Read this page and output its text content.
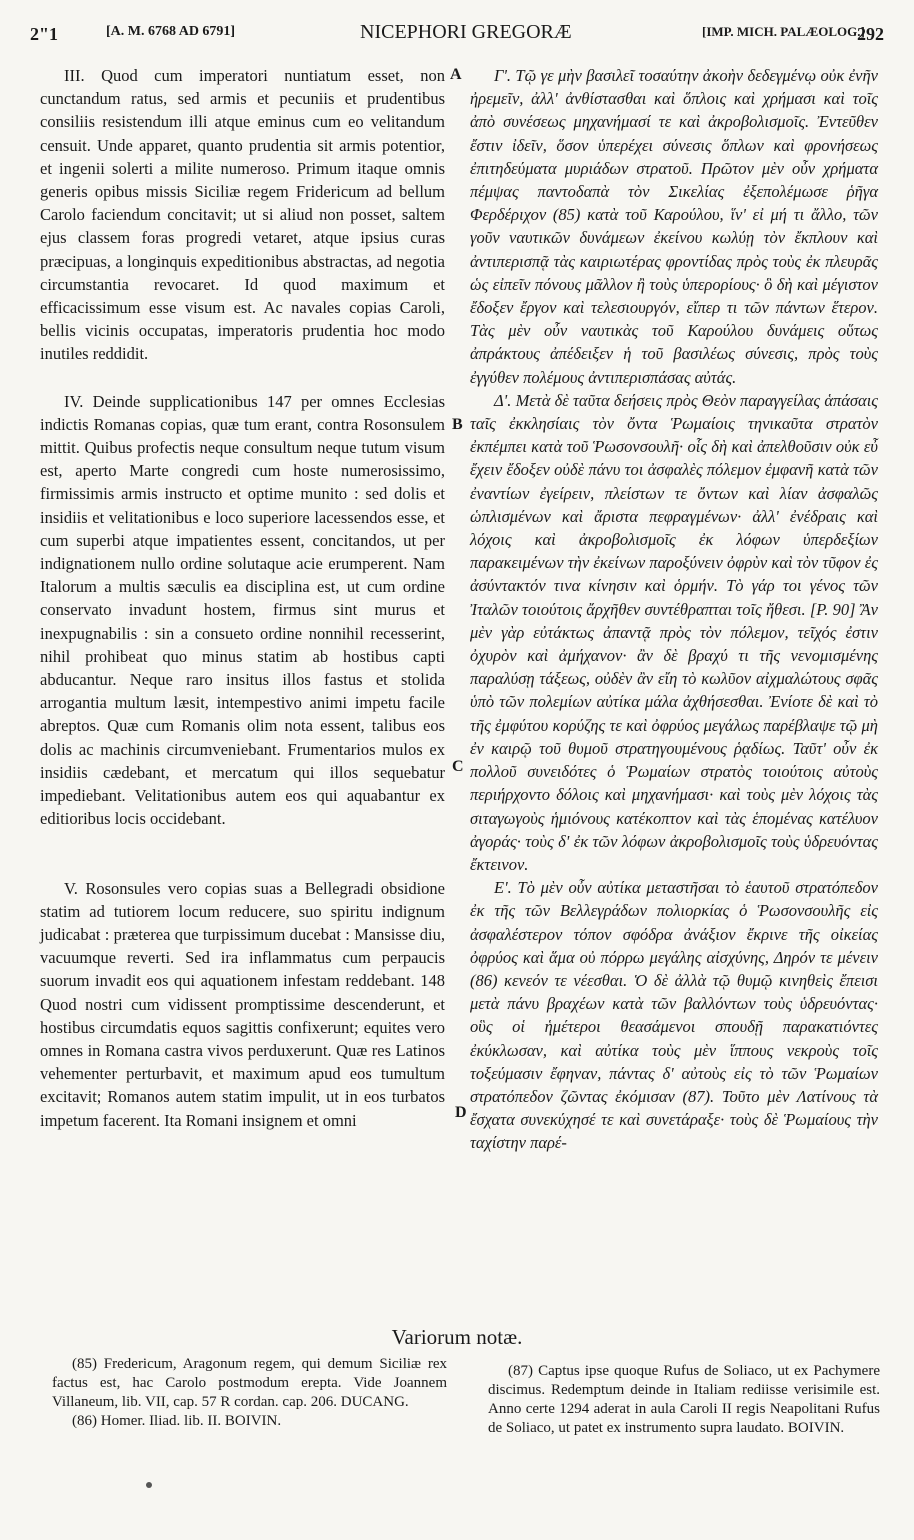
2"1	[A. M. 6768 AD 6791]	NICEPHORI GREGORÆ	[IMP. MICH. PALÆOLOG.]
292

III. Quod cum imperatori nuntiatum esset, non cunctandum ratus, sed armis et pecuniis et prudentibus consiliis resistendum illi atque eminus cum eo velitandum censuit. Unde apparet, quanto prudentia sit armis potentior, et ingenii solerti a milite numeroso. Primum itaque omnis generis opibus missis Siciliæ regem Fridericum ad bellum Carolo faciendum concitavit; ut si aliud non posset, saltem ejus classem foras progredi vetaret, atque ipsius curas præcipuas, a longinquis expeditionibus abstractas, ad negotia circumstantia revocaret. Id quod maximum et efficacissimum esse visum est. Ac navales copias Caroli, bellis vicinis occupatas, imperatoris prudentia hoc modo inutiles reddidit.

IV. Deinde supplicationibus 147 per omnes Ecclesias indictis Romanas copias, quæ tum erant, contra Rosonsulem mittit. Quibus profectis neque consultum neque tutum visum est, aperto Marte congredi cum hoste numerosissimo, firmissimis armis instructo et optime munito : sed dolis et insidiis et velitationibus e loco superiore lacessendos esse, et cum superbi atque impatientes essent, concitandos, ut per indignationem nullo ordine solutaque acie erumperent. Nam Italorum a multis sæculis ea disciplina est, ut cum ordine conservato invadunt hostem, firmus sint murus et inexpugnabilis : sin a consueto ordine nonnihil recesserint, nihil prohibeat quo minus statim ab hostibus capti abducantur. Neque raro insitus illos fastus et stolida arrogantia multum læsit, intempestivo animi impetu facile abreptos. Quæ cum Romanis olim nota essent, talibus eos dolis ac machinis circumveniebant. Frumentarios mulos ex insidiis cædebant, et mercatum qui illos sequebatur impediebant. Velitationibus autem eos qui aquabantur ex editioribus locis occidebant.

V. Rosonsules vero copias suas a Bellegradi obsidione statim ad tutiorem locum reducere, suo spiritu indignum judicabat : præterea que turpissimum ducebat : Mansisse diu, vacuumque reverti. Sed ira inflammatus cum perpaucis suorum invadit eos qui aquationem infestam reddebant. 148 Quod nostri cum vidissent promptissime descenderunt, et hostibus circumdatis equos sagittis confixerunt; equites vero omnes in Romana castra vivos perduxerunt. Quæ res Latinos vehementer perturbavit, et maximum apud eos tumultum excitavit; Romanos autem statim impulit, ut in eos turbatos impetum facerent. Ita Romani insignem et omni

A
B
C
D

Γ'. Τῷ γε μὴν βασιλεῖ τοσαύτην ἀκοὴν δεδεγμένῳ οὐκ ἐνῆν ἠρεμεῖν, ἀλλ' ἀνθίστασθαι καὶ ὅπλοις καὶ χρήμασι καὶ τοῖς ἀπὸ συνέσεως μηχανήμασί τε καὶ ἀκροβολισμοῖς. Ἐντεῦθεν ἔστιν ἰδεῖν, ὅσον ὑπερέχει σύνεσις ὅπλων καὶ φρονήσεως ἐπιτηδεύματα μυριάδων στρατοῦ. Πρῶτον μὲν οὖν χρήματα πέμψας παντοδαπὰ τὸν Σικελίας ἐξεπολέμωσε ῥῆγα Φερδέριχον (85) κατὰ τοῦ Καρούλου, ἵν' εἰ μή τι ἄλλο, τῶν γοῦν ναυτικῶν δυνάμεων ἐκείνου κωλύῃ τὸν ἔκπλουν καὶ ἀντιπερισπᾷ τὰς καιριωτέρας φροντίδας πρὸς τοὺς ἐκ πλευρᾶς ὡς εἰπεῖν πόνους μᾶλλον ἢ τοὺς ὑπερορίους· ὃ δὴ καὶ μέγιστον ἔδοξεν ἔργον καὶ τελεσιουργόν, εἴπερ τι τῶν πάντων ἕτερον. Τὰς μὲν οὖν ναυτικὰς τοῦ Καρούλου δυνάμεις οὕτως ἀπράκτους ἀπέδειξεν ἡ τοῦ βασιλέως σύνεσις, πρὸς τοὺς ἐγγύθεν πολέμους ἀντιπερισπάσας αὐτάς.

Δ'. Μετὰ δὲ ταῦτα δεήσεις πρὸς Θεὸν παραγγείλας ἁπάσαις ταῖς ἐκκλησίαις τὸν ὄντα Ῥωμαίοις τηνικαῦτα στρατὸν ἐκπέμπει κατὰ τοῦ Ῥωσονσουλῆ· οἷς δὴ καὶ ἀπελθοῦσιν οὐκ εὖ ἔχειν ἔδοξεν οὐδὲ πάνυ τοι ἀσφαλὲς πόλεμον ἐμφανῆ κατὰ τῶν ἐναντίων ἐγείρειν, πλείστων τε ὄντων καὶ λίαν ἀσφαλῶς ὡπλισμένων καὶ ἄριστα πεφραγμένων· ἀλλ' ἐνέδραις καὶ λόχοις καὶ ἀκροβολισμοῖς ἐκ λόφων ὑπερδεξίων παρακειμένων τὴν ἐκείνων παροξύνειν ὀφρὺν καὶ τὸν τῦφον ἐς ἀσύντακτόν τινα κίνησιν καὶ ὁρμήν. Τὸ γάρ τοι γένος τῶν Ἰταλῶν τοιούτοις ἄρχῆθεν συντέθραπται τοῖς ἤθεσι. [P. 90] Ἂν μὲν γὰρ εὐτάκτως ἀπαντᾷ πρὸς τὸν πόλεμον, τεῖχός ἐστιν ὀχυρὸν καὶ ἀμήχανον· ἂν δὲ βραχύ τι τῆς νενομισμένης παραλύσῃ τάξεως, οὐδὲν ἂν εἴη τὸ κωλῦον αἰχμαλώτους σφᾶς ὑπὸ τῶν πολεμίων αὐτίκα μάλα ἀχθήσεσθαι. Ἐνίοτε δὲ καὶ τὸ τῆς ἐμφύτου κορύζης τε καὶ ὀφρύος μεγάλως παρέβλαψε τῷ μὴ ἐν καιρῷ τοῦ θυμοῦ στρατηγουμένους ῥᾳδίως. Ταῦτ' οὖν ἐκ πολλοῦ συνειδότες ὁ Ῥωμαίων στρατὸς τοιούτοις αὐτοὺς περιήρχοντο δόλοις καὶ μηχανήμασι· καὶ τοὺς μὲν λόχοις τὰς σιταγωγοὺς ἡμιόνους κατέκοπτον καὶ τὰς ἑπομένας κατέλυον ἀγοράς· τοὺς δ' ἐκ τῶν λόφων ἀκροβολισμοῖς τοὺς ὑδρευόντας ἔκτεινον.

Ε'. Τὸ μὲν οὖν αὐτίκα μεταστῆσαι τὸ ἑαυτοῦ στρατόπεδον ἐκ τῆς τῶν Βελλεγράδων πολιορκίας ὁ Ῥωσονσουλῆς εἰς ἀσφαλέστερον τόπον σφόδρα ἀνάξιον ἔκρινε τῆς οἰκείας ὀφρύος καὶ ἅμα οὐ πόρρω μεγάλης αἰσχύνης, Δηρόν τε μένειν (86) κενεόν τε νέεσθαι. Ὁ δὲ ἀλλὰ τῷ θυμῷ κινηθεὶς ἔπεισι μετὰ πάνυ βραχέων κατὰ τῶν βαλλόντων τοὺς ὑδρευόντας· οὓς οἱ ἡμέτεροι θεασάμενοι σπουδῇ παρακατιόντες ἐκύκλωσαν, καὶ αὐτίκα τοὺς μὲν ἵππους νεκροὺς τοῖς τοξεύμασιν ἔφηναν, πάντας δ' αὐτοὺς εἰς τὸ τῶν Ῥωμαίων στρατόπεδον ζῶντας ἐκόμισαν (87). Τοῦτο μὲν Λατίνους τὰ ἔσχατα συνεκύχησέ τε καὶ συνετάραξε· τοὺς δὲ Ῥωμαίους τὴν ταχίστην παρέ-

Variorum notæ.

(85) Fredericum, Aragonum regem, qui demum Siciliæ rex factus est, hac Carolo postmodum erepta. Vide Joannem Villaneum, lib. VII, cap. 57 R cordan. cap. 206. DUCANG.

(86) Homer. Iliad. lib. II. BOIVIN.

(87) Captus ipse quoque Rufus de Soliaco, ut ex Pachymere discimus. Redemptum deinde in Italiam rediisse verisimile est. Anno certe 1294 aderat in aula Caroli II regis Neapolitani Rufus de Soliaco, ut patet ex instrumento supra laudato. BOIVIN.
